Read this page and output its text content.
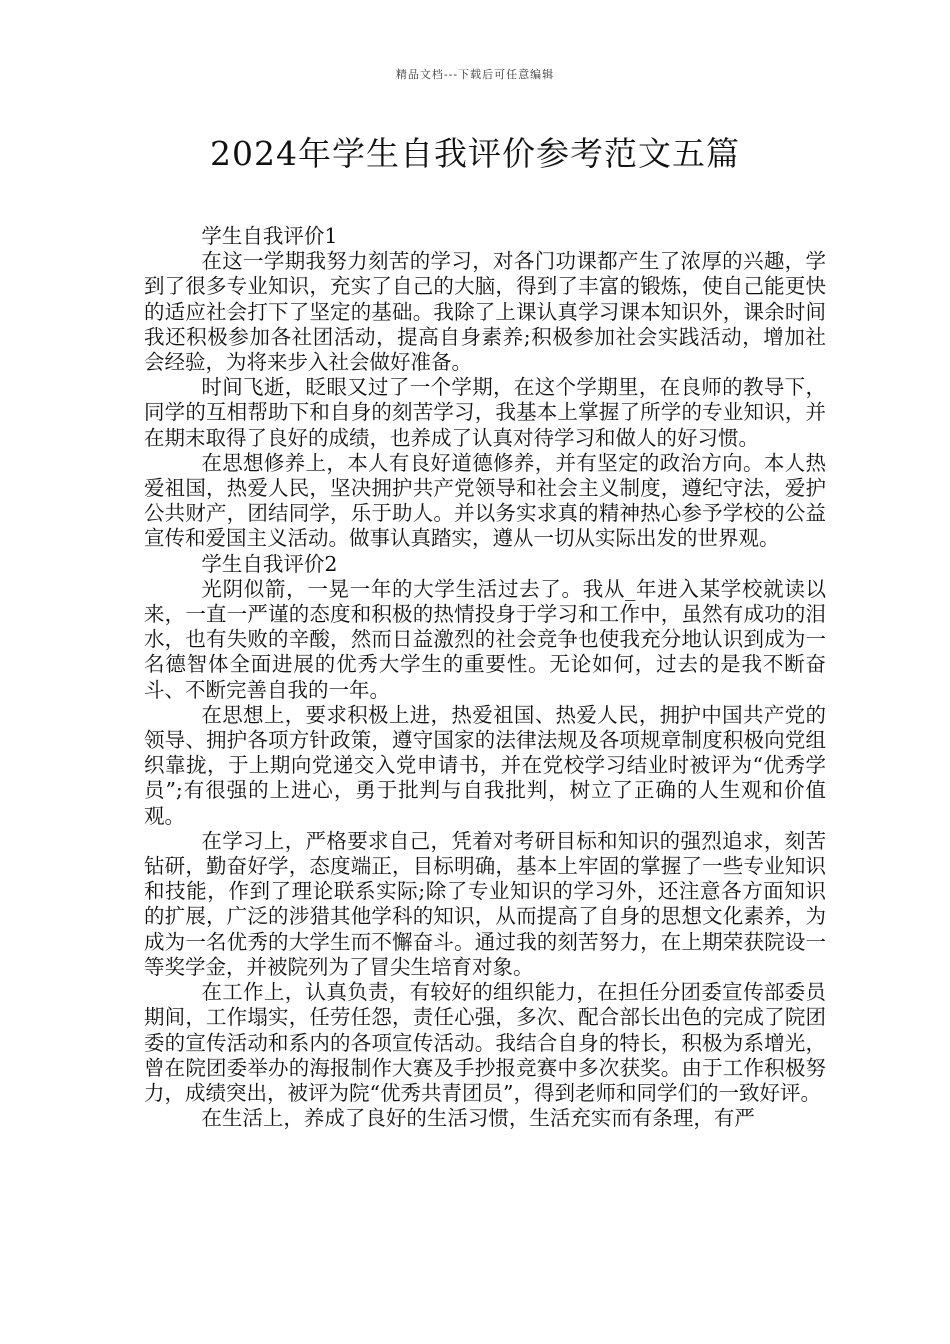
精品文档---下载后可任意编辑
2024年学生自我评价参考范文五篇

学生自我评价1

在这一学期我努力刻苦的学习，对各门功课都产生了浓厚的兴趣，学到了很多专业知识，充实了自己的大脑，得到了丰富的锻炼，使自己能更快的适应社会打下了坚定的基础。我除了上课认真学习课本知识外，课余时间我还积极参加各社团活动，提高自身素养;积极参加社会实践活动，增加社会经验，为将来步入社会做好准备。

时间飞逝，眨眼又过了一个学期，在这个学期里，在良师的教导下，同学的互相帮助下和自身的刻苦学习，我基本上掌握了所学的专业知识，并在期末取得了良好的成绩，也养成了认真对待学习和做人的好习惯。

在思想修养上，本人有良好道德修养，并有坚定的政治方向。本人热爱祖国，热爱人民，坚决拥护共产党领导和社会主义制度，遵纪守法，爱护公共财产，团结同学，乐于助人。并以务实求真的精神热心参予学校的公益宣传和爱国主义活动。做事认真踏实，遵从一切从实际出发的世界观。

学生自我评价2

光阴似箭，一晃一年的大学生活过去了。我从_年进入某学校就读以来，一直一严谨的态度和积极的热情投身于学习和工作中，虽然有成功的泪水，也有失败的辛酸，然而日益激烈的社会竞争也使我充分地认识到成为一名德智体全面进展的优秀大学生的重要性。无论如何，过去的是我不断奋斗、不断完善自我的一年。

在思想上，要求积极上进，热爱祖国、热爱人民，拥护中国共产党的领导、拥护各项方针政策，遵守国家的法律法规及各项规章制度积极向党组织靠拢，于上期向党递交入党申请书，并在党校学习结业时被评为“优秀学员”;有很强的上进心，勇于批判与自我批判，树立了正确的人生观和价值观。

在学习上，严格要求自己，凭着对考研目标和知识的强烈追求，刻苦钻研，勤奋好学，态度端正，目标明确，基本上牢固的掌握了一些专业知识和技能，作到了理论联系实际;除了专业知识的学习外，还注意各方面知识的扩展，广泛的涉猎其他学科的知识，从而提高了自身的思想文化素养，为成为一名优秀的大学生而不懈奋斗。通过我的刻苦努力，在上期荣获院设一等奖学金，并被院列为了冒尖生培育对象。

在工作上，认真负责，有较好的组织能力，在担任分团委宣传部委员期间，工作塌实，任劳任怨，责任心强，多次、配合部长出色的完成了院团委的宣传活动和系内的各项宣传活动。我结合自身的特长，积极为系增光，曾在院团委举办的海报制作大赛及手抄报竞赛中多次获奖。由于工作积极努力，成绩突出，被评为院“优秀共青团员”，得到老师和同学们的一致好评。

在生活上，养成了良好的生活习惯，生活充实而有条理，有严
